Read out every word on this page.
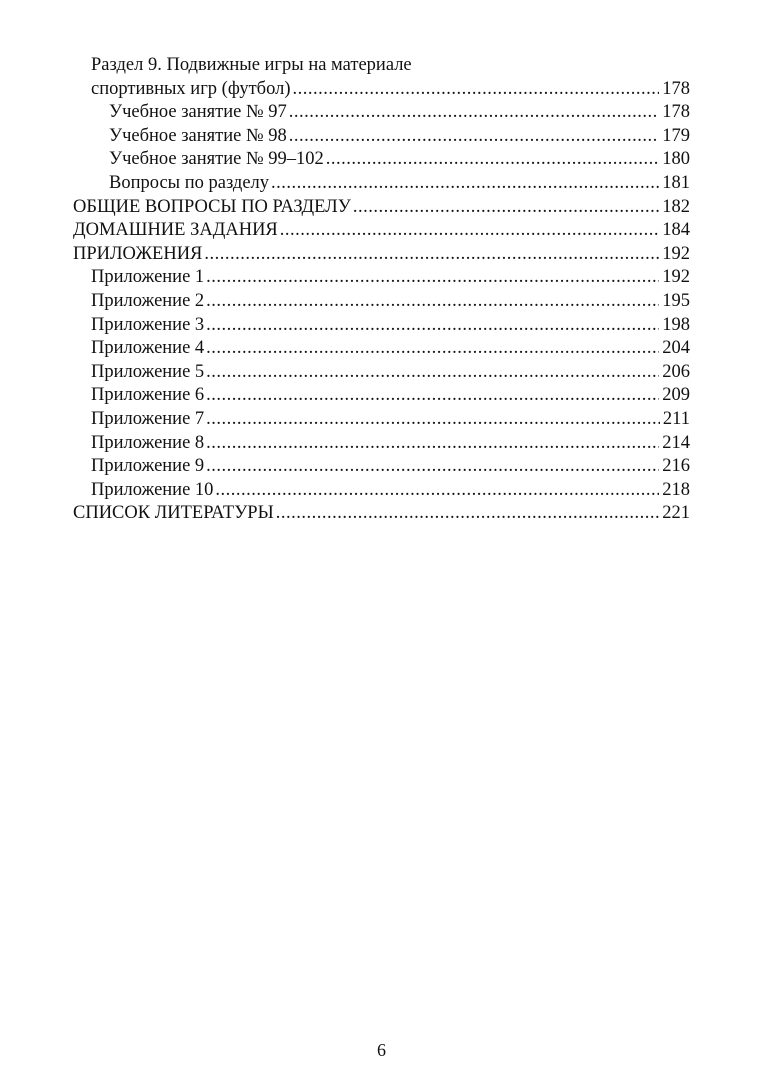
Раздел 9. Подвижные игры на материале
спортивных игр (футбол) .....	178
Учебное занятие № 97 .....	178
Учебное занятие № 98 .....	179
Учебное занятие № 99–102 .....	180
Вопросы по разделу .....	181
ОБЩИЕ ВОПРОСЫ ПО РАЗДЕЛУ .....	182
ДОМАШНИЕ ЗАДАНИЯ .....	184
ПРИЛОЖЕНИЯ .....	192
Приложение 1 .....	192
Приложение 2 .....	195
Приложение 3 .....	198
Приложение 4 .....	204
Приложение 5 .....	206
Приложение 6 .....	209
Приложение 7 .....	211
Приложение 8 .....	214
Приложение 9 .....	216
Приложение 10 .....	218
СПИСОК ЛИТЕРАТУРЫ .....	221
6
